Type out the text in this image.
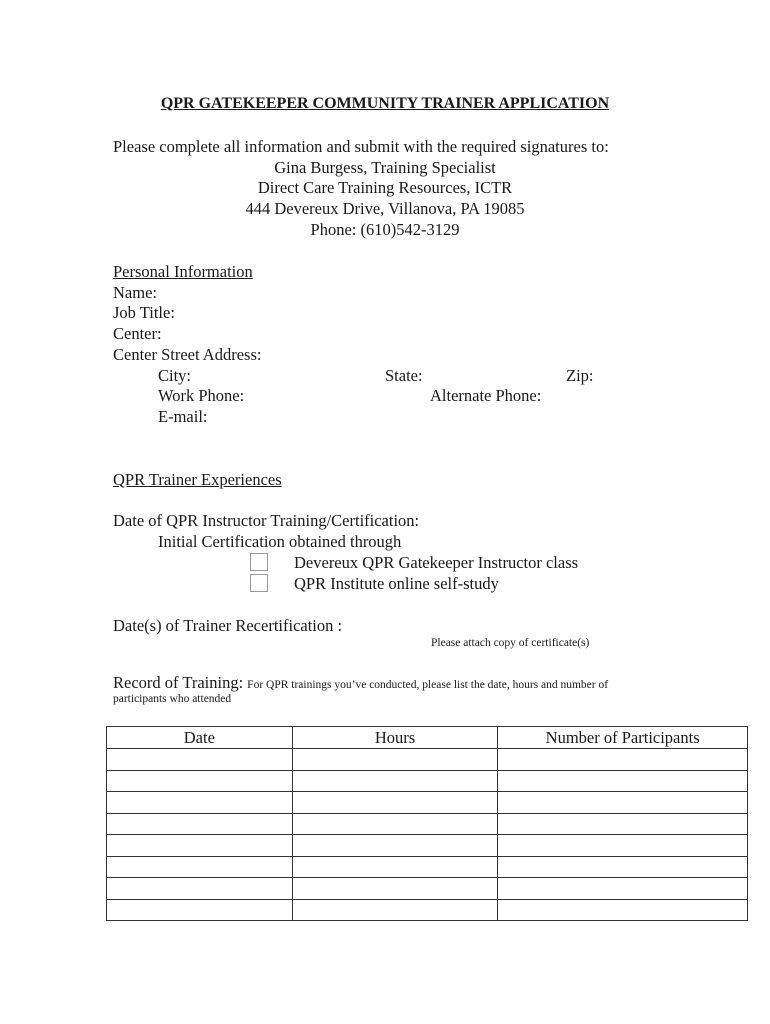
QPR GATEKEEPER COMMUNITY TRAINER APPLICATION
Please complete all information and submit with the required signatures to:
Gina Burgess, Training Specialist
Direct Care Training Resources, ICTR
444 Devereux Drive, Villanova, PA 19085
Phone: (610)542-3129
Personal Information
Name:
Job Title:
Center:
Center Street Address:
City:	State:	Zip:
Work Phone:	Alternate Phone:
E-mail:
QPR Trainer Experiences
Date of QPR Instructor Training/Certification:
Initial Certification obtained through
Devereux QPR Gatekeeper Instructor class
QPR Institute online self-study
Date(s) of Trainer Recertification :
Please attach copy of certificate(s)
Record of Training: For QPR trainings you’ve conducted, please list the date, hours and number of
participants who attended
Date	Hours	Number of Participants
